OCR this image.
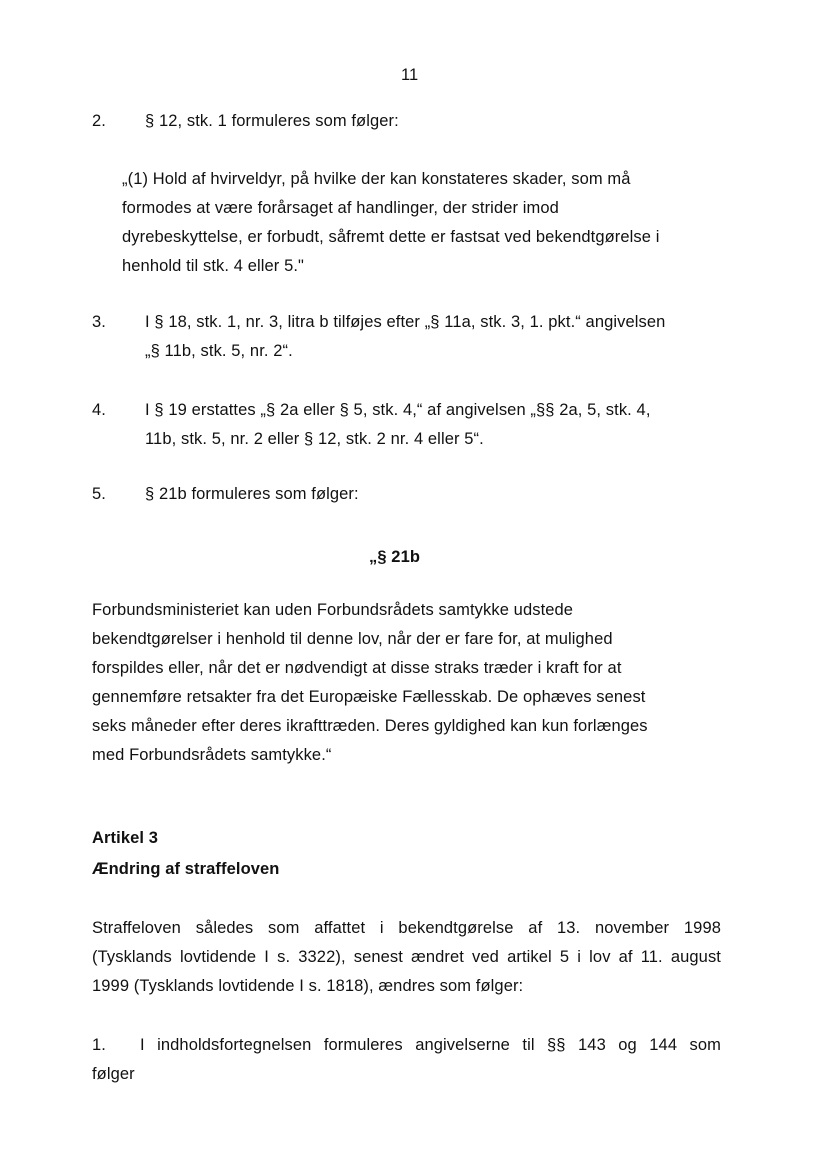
11
2.	§ 12, stk. 1 formuleres som følger:
„(1) Hold af hvirveldyr, på hvilke der kan konstateres skader, som må
formodes at være forårsaget af handlinger, der strider imod
dyrebeskyttelse, er forbudt, såfremt dette er fastsat ved bekendtgørelse i
henhold til stk. 4 eller 5."
3.	I § 18, stk. 1, nr. 3, litra b tilføjes efter „§ 11a, stk. 3, 1. pkt.“ angivelsen
„§ 11b, stk. 5, nr. 2“.
4.	I § 19 erstattes „§ 2a eller § 5, stk. 4,“ af angivelsen „§§ 2a, 5, stk. 4,
11b, stk. 5, nr. 2 eller § 12, stk. 2 nr. 4 eller 5“.
5.	§ 21b formuleres som følger:
„§ 21b
Forbundsministeriet kan uden Forbundsrådets samtykke udstede
bekendtgørelser i henhold til denne lov, når der er fare for, at mulighed
forspildes eller, når det er nødvendigt at disse straks træder i kraft for at
gennemføre retsakter fra det Europæiske Fællesskab. De ophæves senest
seks måneder efter deres ikrafttræden. Deres gyldighed kan kun forlænges
med Forbundsrådets samtykke.“
Artikel 3
Ændring af straffeloven
Straffeloven således som affattet i bekendtgørelse af 13. november 1998
(Tysklands lovtidende I s. 3322), senest ændret ved artikel 5 i lov af 11. august
1999 (Tysklands lovtidende I s. 1818), ændres som følger:
1.	I indholdsfortegnelsen formuleres angivelserne til §§ 143 og 144 som
følger
